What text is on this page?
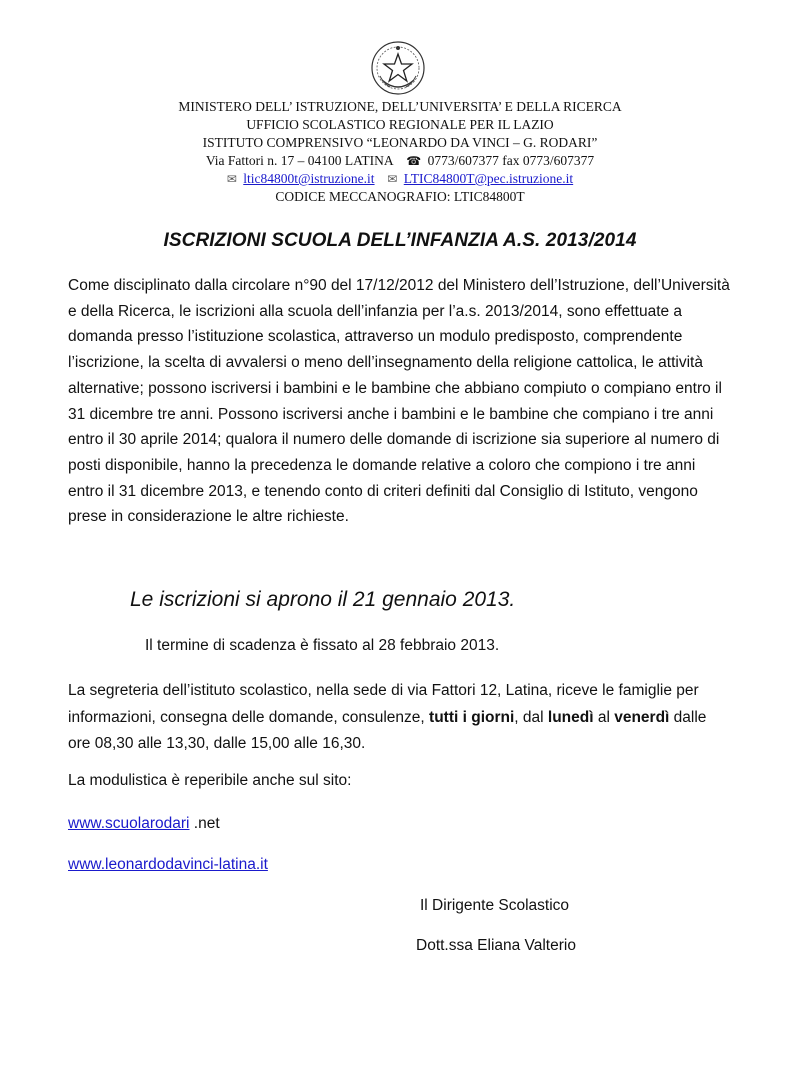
MINISTERO DELL’ ISTRUZIONE, DELL’UNIVERSITA’ E DELLA RICERCA
UFFICIO SCOLASTICO REGIONALE PER IL LAZIO
ISTITUTO COMPRENSIVO “LEONARDO DA VINCI – G. RODARI”
Via Fattori n. 17 – 04100 LATINA ☎ 0773/607377 fax 0773/607377
✉ ltic84800t@istruzione.it ✉ LTIC84800T@pec.istruzione.it
CODICE MECCANOGRAFIO: LTIC84800T
ISCRIZIONI SCUOLA DELL’INFANZIA A.S. 2013/2014

Come disciplinato dalla circolare n°90 del 17/12/2012 del Ministero dell’Istruzione, dell’Università e della Ricerca, le iscrizioni alla scuola dell’infanzia per l’a.s. 2013/2014, sono effettuate a domanda presso l’istituzione scolastica, attraverso un modulo predisposto, comprendente l’iscrizione, la scelta di avvalersi o meno dell’insegnamento della religione cattolica, le attività alternative; possono iscriversi i bambini e le bambine che abbiano compiuto o compiano entro il 31 dicembre tre anni. Possono iscriversi anche i bambini e le bambine che compiano i tre anni entro il 30 aprile 2014; qualora il numero delle domande di iscrizione sia superiore al numero di posti disponibile, hanno la precedenza le domande relative a coloro che compiono i tre anni entro il 31 dicembre 2013, e tenendo conto di criteri definiti dal Consiglio di Istituto, vengono prese in considerazione le altre richieste.

Le iscrizioni si aprono il 21 gennaio 2013.

Il termine di scadenza è fissato al 28 febbraio 2013.

La segreteria dell’istituto scolastico, nella sede di via Fattori 12, Latina, riceve le famiglie per informazioni, consegna delle domande, consulenze, tutti i giorni, dal lunedì al venerdì dalle ore 08,30 alle 13,30, dalle 15,00 alle 16,30.

La modulistica è reperibile anche sul sito:

www.scuolarodari .net

www.leonardodavinci-latina.it

Il Dirigente Scolastico

Dott.ssa Eliana Valterio
